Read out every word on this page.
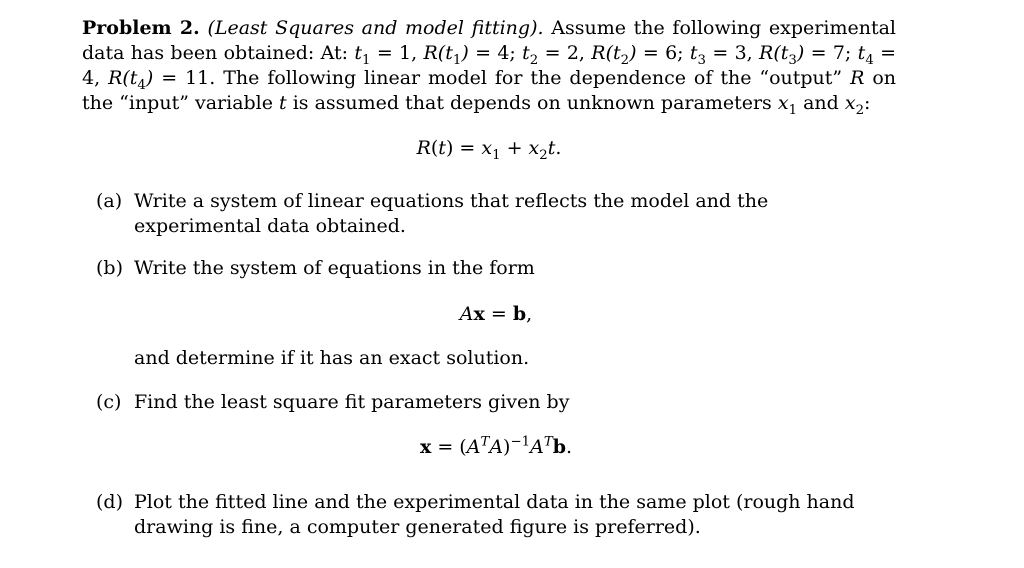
Problem 2. (Least Squares and model fitting). Assume the following experimental data has been obtained: At: $t_1 = 1$, $R(t_1) = 4$; $t_2 = 2$, $R(t_2) = 6$; $t_3 = 3$, $R(t_3) = 7$; $t_4 = 4$, $R(t_4) = 11$. The following linear model for the dependence of the “output” R on the “input” variable t is assumed that depends on unknown parameters $x_1$ and $x_2$:

$R(t) = x_1 + x_2t$.

(a) Write a system of linear equations that reflects the model and the experimental data obtained.
(b) Write the system of equations in the form
Ax = b,
and determine if it has an exact solution.
(c) Find the least square fit parameters given by
$x = (A^TA)^{-1}A^Tb$.
(d) Plot the fitted line and the experimental data in the same plot (rough hand drawing is fine, a computer generated figure is preferred).
